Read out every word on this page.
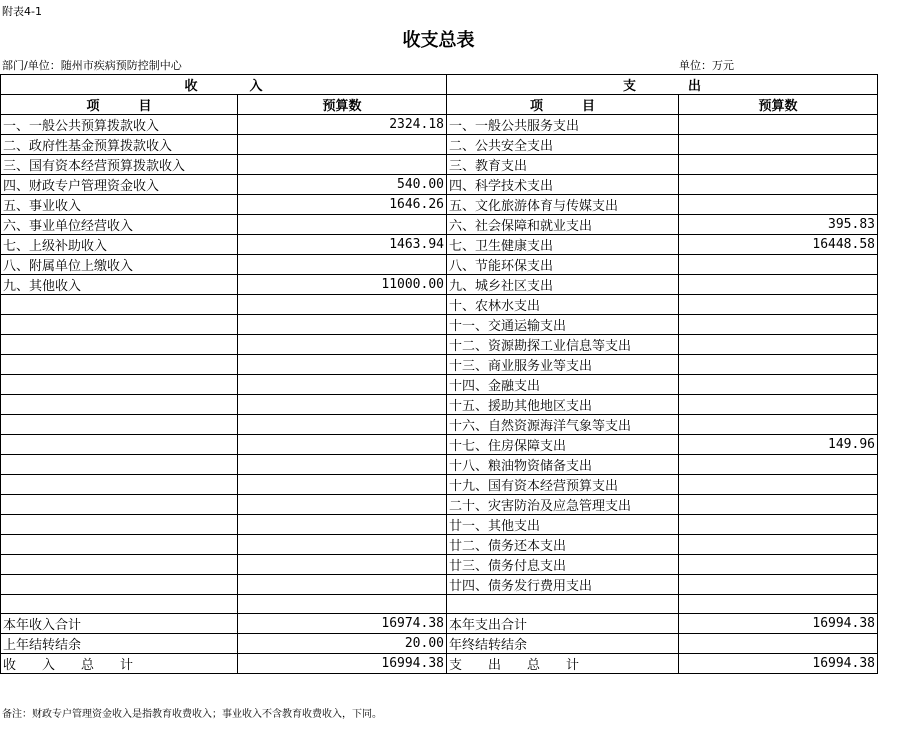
附表4-1
收支总表
部门/单位：随州市疾病预防控制中心	单位：万元
收　　　　入		支　　　　出	
项　　　目	预算数	项　　　目	预算数
一、一般公共预算拨款收入	2324.18	一、一般公共服务支出	
二、政府性基金预算拨款收入		二、公共安全支出	
三、国有资本经营预算拨款收入		三、教育支出	
四、财政专户管理资金收入	540.00	四、科学技术支出	
五、事业收入	1646.26	五、文化旅游体育与传媒支出	
六、事业单位经营收入		六、社会保障和就业支出	395.83
七、上级补助收入	1463.94	七、卫生健康支出	16448.58
八、附属单位上缴收入		八、节能环保支出	
九、其他收入	11000.00	九、城乡社区支出	
		十、农林水支出	
		十一、交通运输支出	
		十二、资源勘探工业信息等支出	
		十三、商业服务业等支出	
		十四、金融支出	
		十五、援助其他地区支出	
		十六、自然资源海洋气象等支出	
		十七、住房保障支出	149.96
		十八、粮油物资储备支出	
		十九、国有资本经营预算支出	
		二十、灾害防治及应急管理支出	
		廿一、其他支出	
		廿二、债务还本支出	
		廿三、债务付息支出	
		廿四、债务发行费用支出	

本年收入合计	16974.38	本年支出合计	16994.38
上年结转结余	20.00	年终结转结余	
收　　入　　总　　计	16994.38	支　　出　　总　　计	16994.38
备注：财政专户管理资金收入是指教育收费收入；事业收入不含教育收费收入，下同。
